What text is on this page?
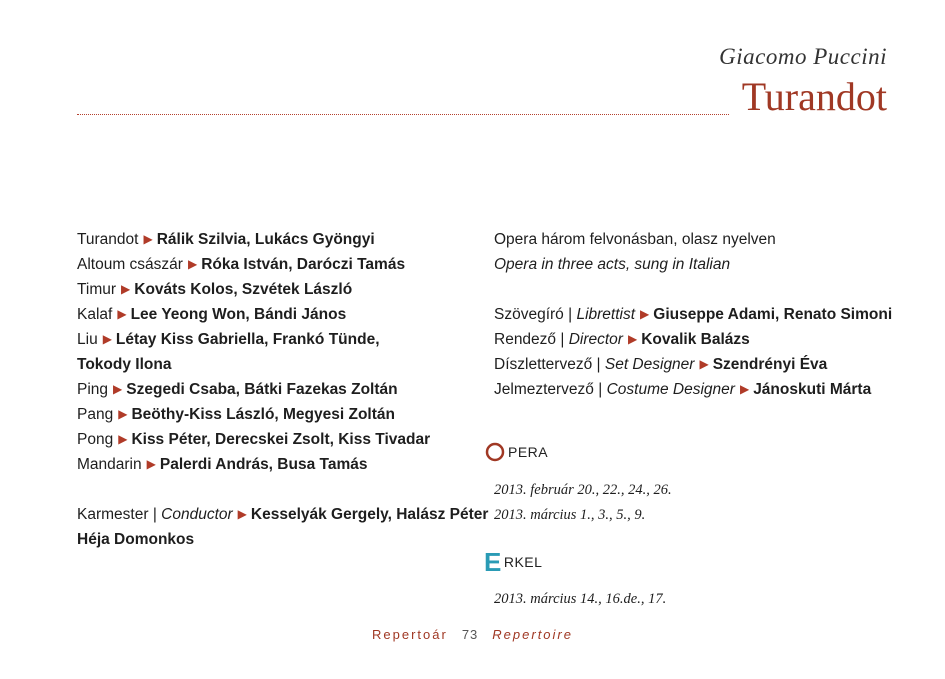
Giacomo Puccini
Turandot
Turandot ▶ Rálik Szilvia, Lukács Gyöngyi
Altoum császár ▶ Róka István, Daróczi Tamás
Timur ▶ Kováts Kolos, Szvétek László
Kalaf ▶ Lee Yeong Won, Bándi János
Liu ▶ Létay Kiss Gabriella, Frankó Tünde,
Tokody Ilona
Ping ▶ Szegedi Csaba, Bátki Fazekas Zoltán
Pang ▶ Beöthy-Kiss László, Megyesi Zoltán
Pong ▶ Kiss Péter, Derecskei Zsolt, Kiss Tivadar
Mandarin ▶ Palerdi András, Busa Tamás
Karmester | Conductor ▶ Kesselyák Gergely, Halász Péter
Héja Domonkos
Opera három felvonásban, olasz nyelven
Opera in three acts, sung in Italian
Szövegíró | Librettist ▶ Giuseppe Adami, Renato Simoni
Rendező | Director ▶ Kovalik Balázs
Díszlettervező | Set Designer ▶ Szendrényi Éva
Jelmeztervező | Costume Designer ▶ Jánoskuti Márta
PERA
2013. február 20., 22., 24., 26.
2013. március 1., 3., 5., 9.
E RKEL
2013. március 14., 16.de., 17.
Repertoár 73 Repertoire
